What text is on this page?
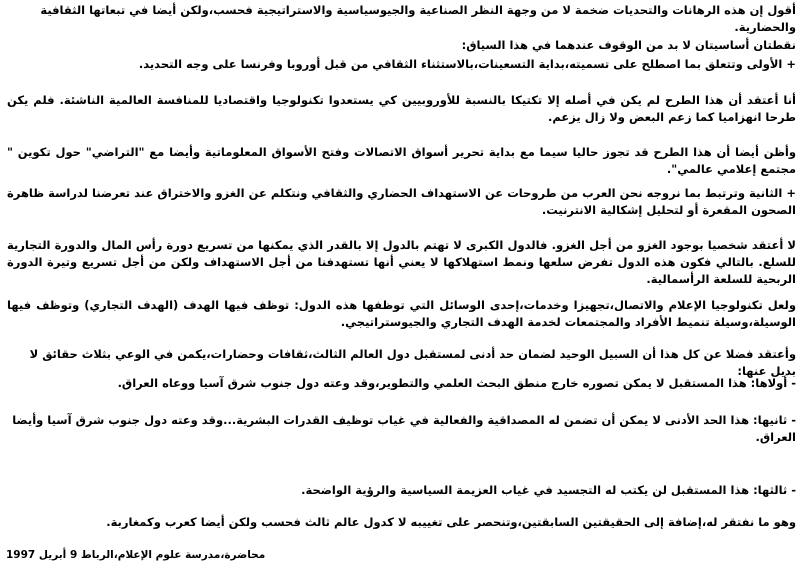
أقول إن هذه الرهانات والتحديات ضخمة لا من وجهة النظر الصناعية والجيوسياسية والاستراتيجية فحسب،ولكن أيضا في تبعاتها الثقافية والحضارية.

نقطتان أساسيتان لا بد من الوقوف عندهما في هذا السياق:

+ الأولى وتتعلق بما اصطلح على تسميته،بداية التسعينات،بالاستثناء الثقافي من قبل أوروبا وفرنسا على وجه التحديد.

أنا أعتقد أن هذا الطرح لم يكن في أصله إلا تكتيكا بالنسبة للأوروبيين كي يستعدوا تكنولوجيا واقتصاديا للمنافسة العالمية الناشئة. فلم يكن طرحا انهزاميا كما زعم البعض ولا زال يزعم.

وأظن أيضا أن هذا الطرح قد تجوز حاليا سيما مع بداية تحرير أسواق الاتصالات وفتح الأسواق المعلوماتية وأيضا مع "التراضي" حول تكوين " مجتمع إعلامي عالمي".

+ الثانية وترتبط بما نروجه نحن العرب من طروحات عن الاستهداف الحضاري والثقافي ونتكلم عن الغزو والاختراق عند تعرضنا لدراسة ظاهرة الصحون المقعرة أو لتحليل إشكالية الانترنيت.

لا أعتقد شخصيا بوجود الغزو من أجل الغزو. فالدول الكبرى لا تهتم بالدول إلا بالقدر الذي يمكنها من تسريع دورة رأس المال والدورة التجارية للسلع. بالتالي فكون هذه الدول تفرض سلعها ونمط استهلاكها لا يعني أنها تستهدفنا من أجل الاستهداف ولكن من أجل تسريع وتيرة الدورة الربحية للسلعة الرأسمالية.

ولعل تكنولوجيا الإعلام والاتصال،تجهيزا وخدمات،إحدى الوسائل التي توظفها هذه الدول: توظف فيها الهدف (الهدف التجاري) وتوظف فيها الوسيلة،وسيلة تنميط الأفراد والمجتمعات لخدمة الهدف التجاري والجيوستراتيجي.

وأعتقد فضلا عن كل هذا أن السبيل الوحيد لضمان حد أدنى لمستقبل دول العالم الثالث،ثقافات وحضارات،يكمن في الوعي بثلاث حقائق لا بديل عنها:

- أولاها: هذا المستقبل لا يمكن تصوره خارج منطق البحث العلمي والتطوير،وقد وعته دول جنوب شرق آسيا ووعاه العراق.

- ثانيها: هذا الحد الأدنى لا يمكن أن تضمن له المصداقية والفعالية في غياب توظيف القدرات البشرية...وقد وعته دول جنوب شرق آسيا وأيضا العراق.

- ثالثها: هذا المستقبل لن يكتب له التجسيد في غياب العزيمة السياسية والرؤية الواضحة.

وهو ما نفتقر له،إضافة إلى الحقيقتين السابقتين،وتنحصر على تغييبه لا كدول عالم ثالث فحسب ولكن أيضا كعرب وكمغاربة.

محاضرة،مدرسة علوم الإعلام،الرباط 9 أبريل 1997
